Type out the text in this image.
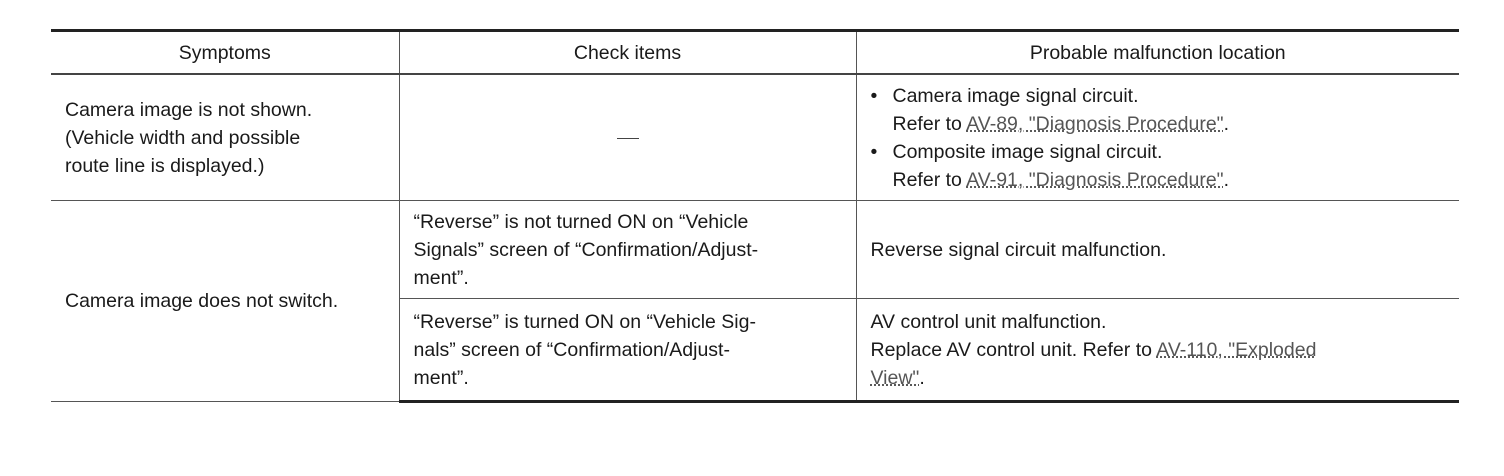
Symptoms	Check items	Probable malfunction location

Camera image is not shown.
(Vehicle width and possible
route line is displayed.)		• Camera image signal circuit.
Refer to AV-89, "Diagnosis Procedure".
• Composite image signal circuit.
Refer to AV-91, "Diagnosis Procedure".

Camera image does not switch.	“Reverse” is not turned ON on “Vehicle
Signals” screen of “Confirmation/Adjust-
ment”.	Reverse signal circuit malfunction.

	“Reverse” is turned ON on “Vehicle Sig-
nals” screen of “Confirmation/Adjust-
ment”.	AV control unit malfunction.
Replace AV control unit. Refer to AV-110, "Exploded
View".
